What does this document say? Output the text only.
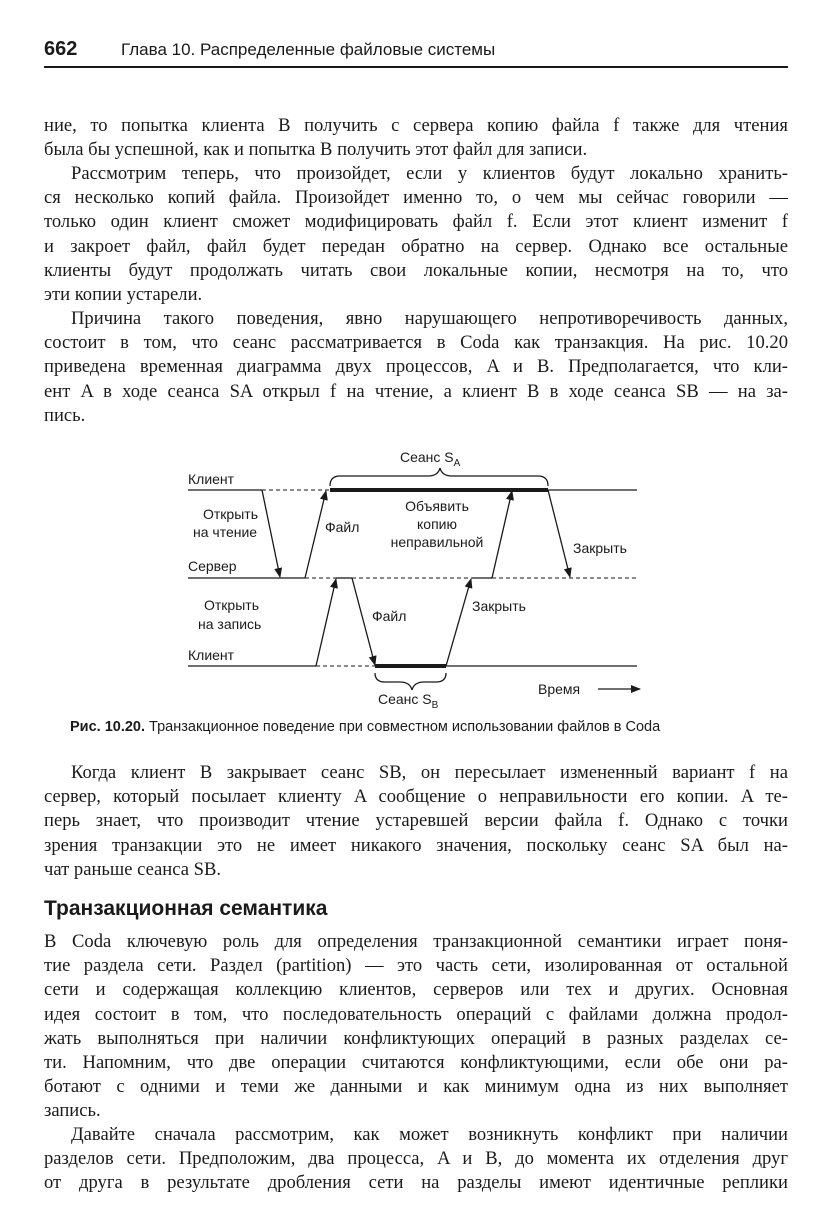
662	Глава 10. Распределенные файловые системы

ние, то попытка клиента B получить с сервера копию файла f также для чтения
была бы успешной, как и попытка B получить этот файл для записи.

Рассмотрим теперь, что произойдет, если у клиентов будут локально хранить-
ся несколько копий файла. Произойдет именно то, о чем мы сейчас говорили —
только один клиент сможет модифицировать файл f. Если этот клиент изменит f
и закроет файл, файл будет передан обратно на сервер. Однако все остальные
клиенты будут продолжать читать свои локальные копии, несмотря на то, что
эти копии устарели.

Причина такого поведения, явно нарушающего непротиворечивость данных,
состоит в том, что сеанс рассматривается в Coda как транзакция. На рис. 10.20
приведена временная диаграмма двух процессов, A и B. Предполагается, что кли-
ент A в ходе сеанса SA открыл f на чтение, а клиент B в ходе сеанса SB — на за-
пись.

Сеанс $S_A$
Клиент
Сервер
Клиент
Открыть
на чтение	Файл
Объявить
копию
неправильной	Закрыть
Открыть
на запись	Файл
Закрыть
Сеанс $S_B$
Время
Рис. 10.20. Транзакционное поведение при совместном использовании файлов в Coda

Когда клиент B закрывает сеанс SB, он пересылает измененный вариант f на
сервер, который посылает клиенту A сообщение о неправильности его копии. A те-
перь знает, что производит чтение устаревшей версии файла f. Однако с точки
зрения транзакции это не имеет никакого значения, поскольку сеанс SA был на-
чат раньше сеанса SB.

Транзакционная семантика

В Coda ключевую роль для определения транзакционной семантики играет поня-
тие раздела сети. Раздел (partition) — это часть сети, изолированная от остальной
сети и содержащая коллекцию клиентов, серверов или тех и других. Основная
идея состоит в том, что последовательность операций с файлами должна продол-
жать выполняться при наличии конфликтующих операций в разных разделах се-
ти. Напомним, что две операции считаются конфликтующими, если обе они ра-
ботают с одними и теми же данными и как минимум одна из них выполняет
запись.

Давайте сначала рассмотрим, как может возникнуть конфликт при наличии
разделов сети. Предположим, два процесса, A и B, до момента их отделения друг
от друга в результате дробления сети на разделы имеют идентичные реплики
